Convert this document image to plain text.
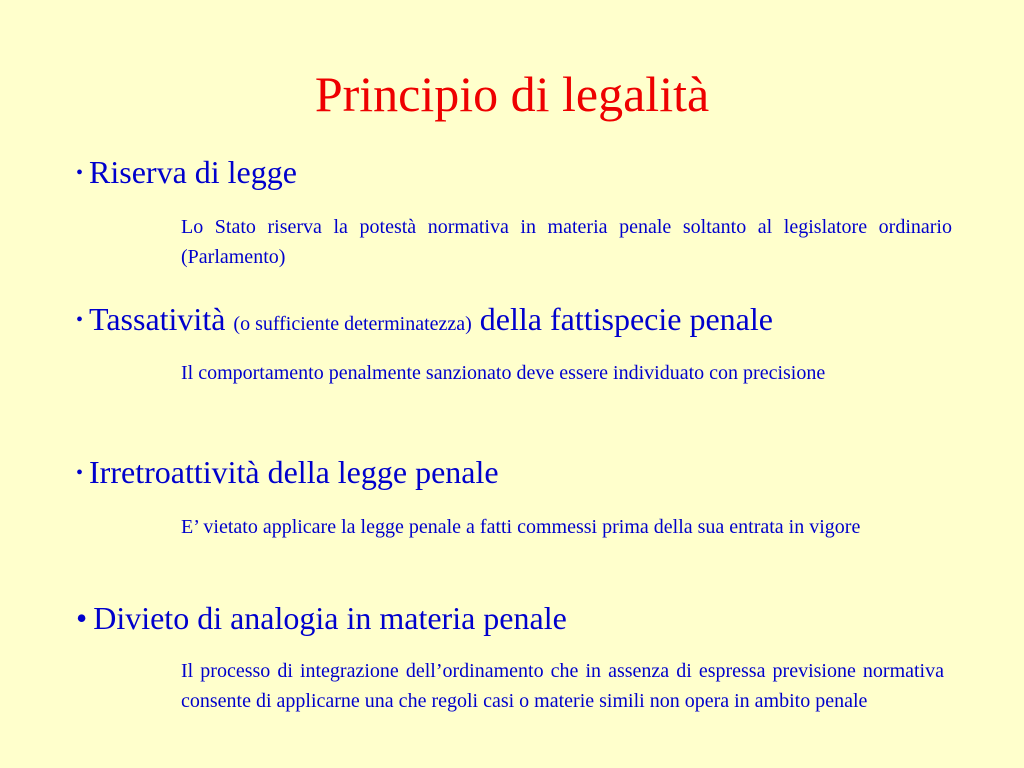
Principio di legalità

• Riserva di legge

Lo Stato riserva la potestà normativa in materia penale soltanto al legislatore ordinario (Parlamento)

• Tassatività (o sufficiente determinatezza) della fattispecie penale

Il comportamento penalmente sanzionato deve essere individuato con precisione

• Irretroattività della legge penale

E’ vietato applicare la legge penale a fatti commessi prima della sua entrata in vigore

• Divieto di analogia in materia penale

Il processo di integrazione dell’ordinamento che in assenza di espressa previsione normativa consente di applicarne una che regoli casi o materie simili non opera in ambito penale
